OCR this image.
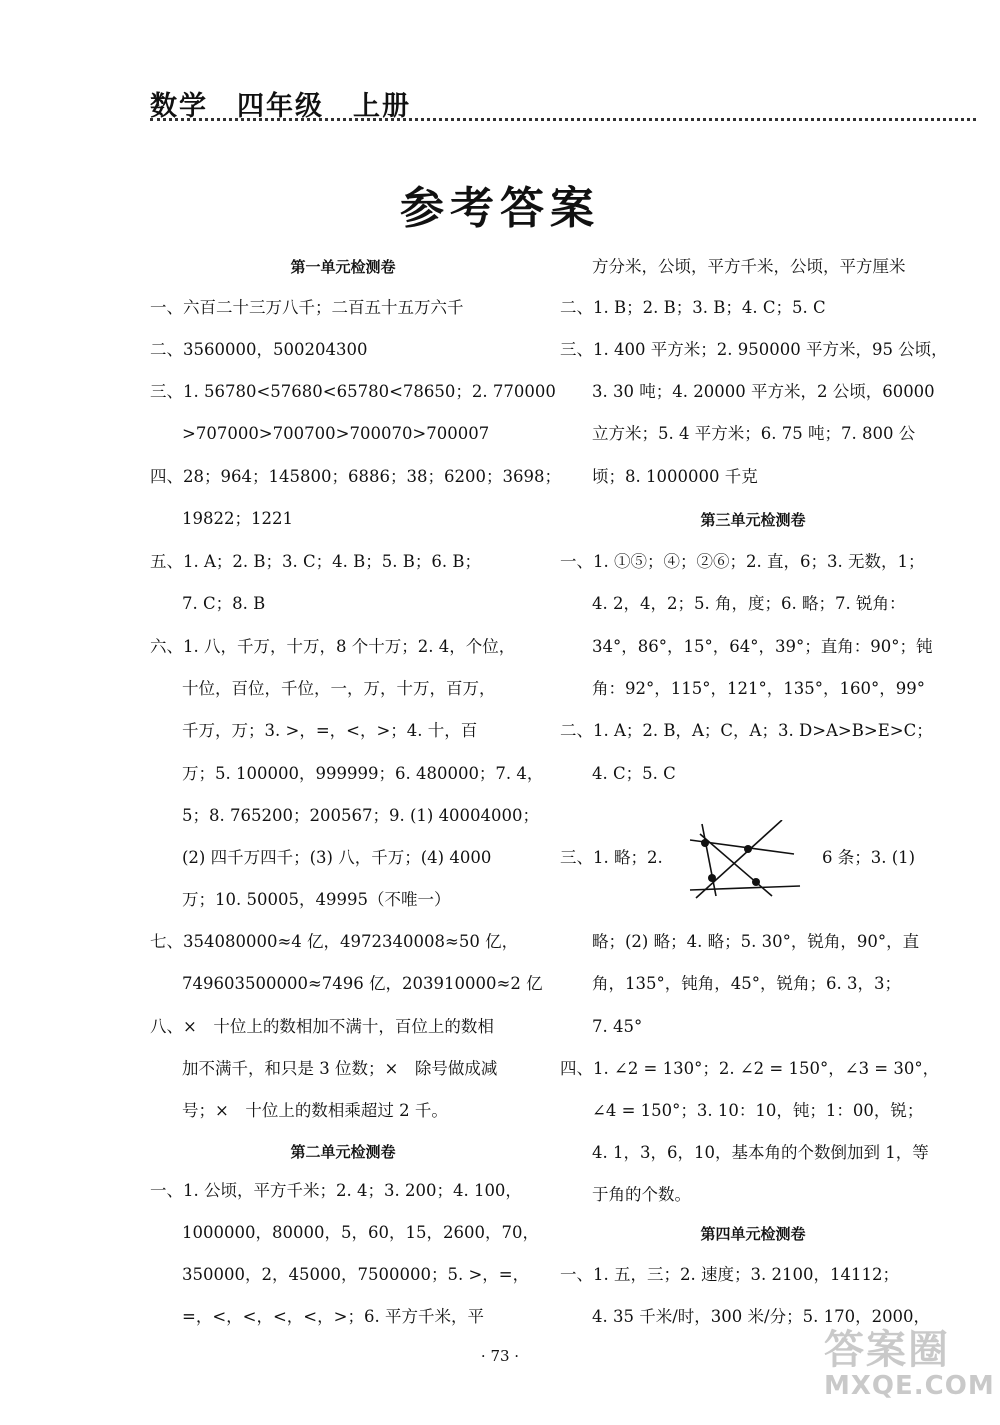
数学　四年级　上册
参考答案
第一单元检测卷
一、六百二十三万八千；二百五十五万六千
二、3560000，500204300
三、1. 56780<57680<65780<78650；2. 770000
>707000>700700>700070>700007
四、28；964；145800；6886；38；6200；3698；
19822；1221
五、1. A；2. B；3. C；4. B；5. B；6. B；
7. C；8. B
六、1. 八，千万，十万，8 个十万；2. 4，个位，
十位，百位，千位，一，万，十万，百万，
千万，万；3. >，=，<，>；4. 十，百
万；5. 100000，999999；6. 480000；7. 4，
5；8. 765200；200567；9. (1) 40004000；
(2) 四千万四千；(3) 八，千万；(4) 4000
万；10. 50005，49995（不唯一）
七、354080000≈4 亿，4972340008≈50 亿，
749603500000≈7496 亿，203910000≈2 亿
八、×　十位上的数相加不满十，百位上的数相
加不满千，和只是 3 位数；×　除号做成减
号；×　十位上的数相乘超过 2 千。
第二单元检测卷
一、1. 公顷，平方千米；2. 4；3. 200；4. 100，
1000000，80000，5，60，15，2600，70，
350000，2，45000，7500000；5. >，=，
=，<，<，<，<，>；6. 平方千米，平
方分米，公顷，平方千米，公顷，平方厘米
二、1. B；2. B；3. B；4. C；5. C
三、1. 400 平方米；2. 950000 平方米，95 公顷，
3. 30 吨；4. 20000 平方米，2 公顷，60000
立方米；5. 4 平方米；6. 75 吨；7. 800 公
顷；8. 1000000 千克
第三单元检测卷
一、1. ①⑤；④；②⑥；2. 直，6；3. 无数，1；
4. 2，4，2；5. 角，度；6. 略；7. 锐角：
34°，86°，15°，64°，39°；直角：90°；钝
角：92°，115°，121°，135°，160°，99°
二、1. A；2. B，A；C，A；3. D>A>B>E>C；
4. C；5. C
三、1. 略；2.
略；(2) 略；4. 略；5. 30°，锐角，90°，直
角，135°，钝角，45°，锐角；6. 3，3；
7. 45°
四、1. ∠2 = 130°；2. ∠2 = 150°，∠3 = 30°，
∠4 = 150°；3. 10：10，钝；1：00，锐；
4. 1，3，6，10，基本角的个数倒加到 1，等
于角的个数。
第四单元检测卷
一、1. 五，三；2. 速度；3. 2100，14112；
4. 35 千米/时，300 米/分；5. 170，2000，
6 条；3. (1)
· 73 ·	答案圈
MXQE.COM
